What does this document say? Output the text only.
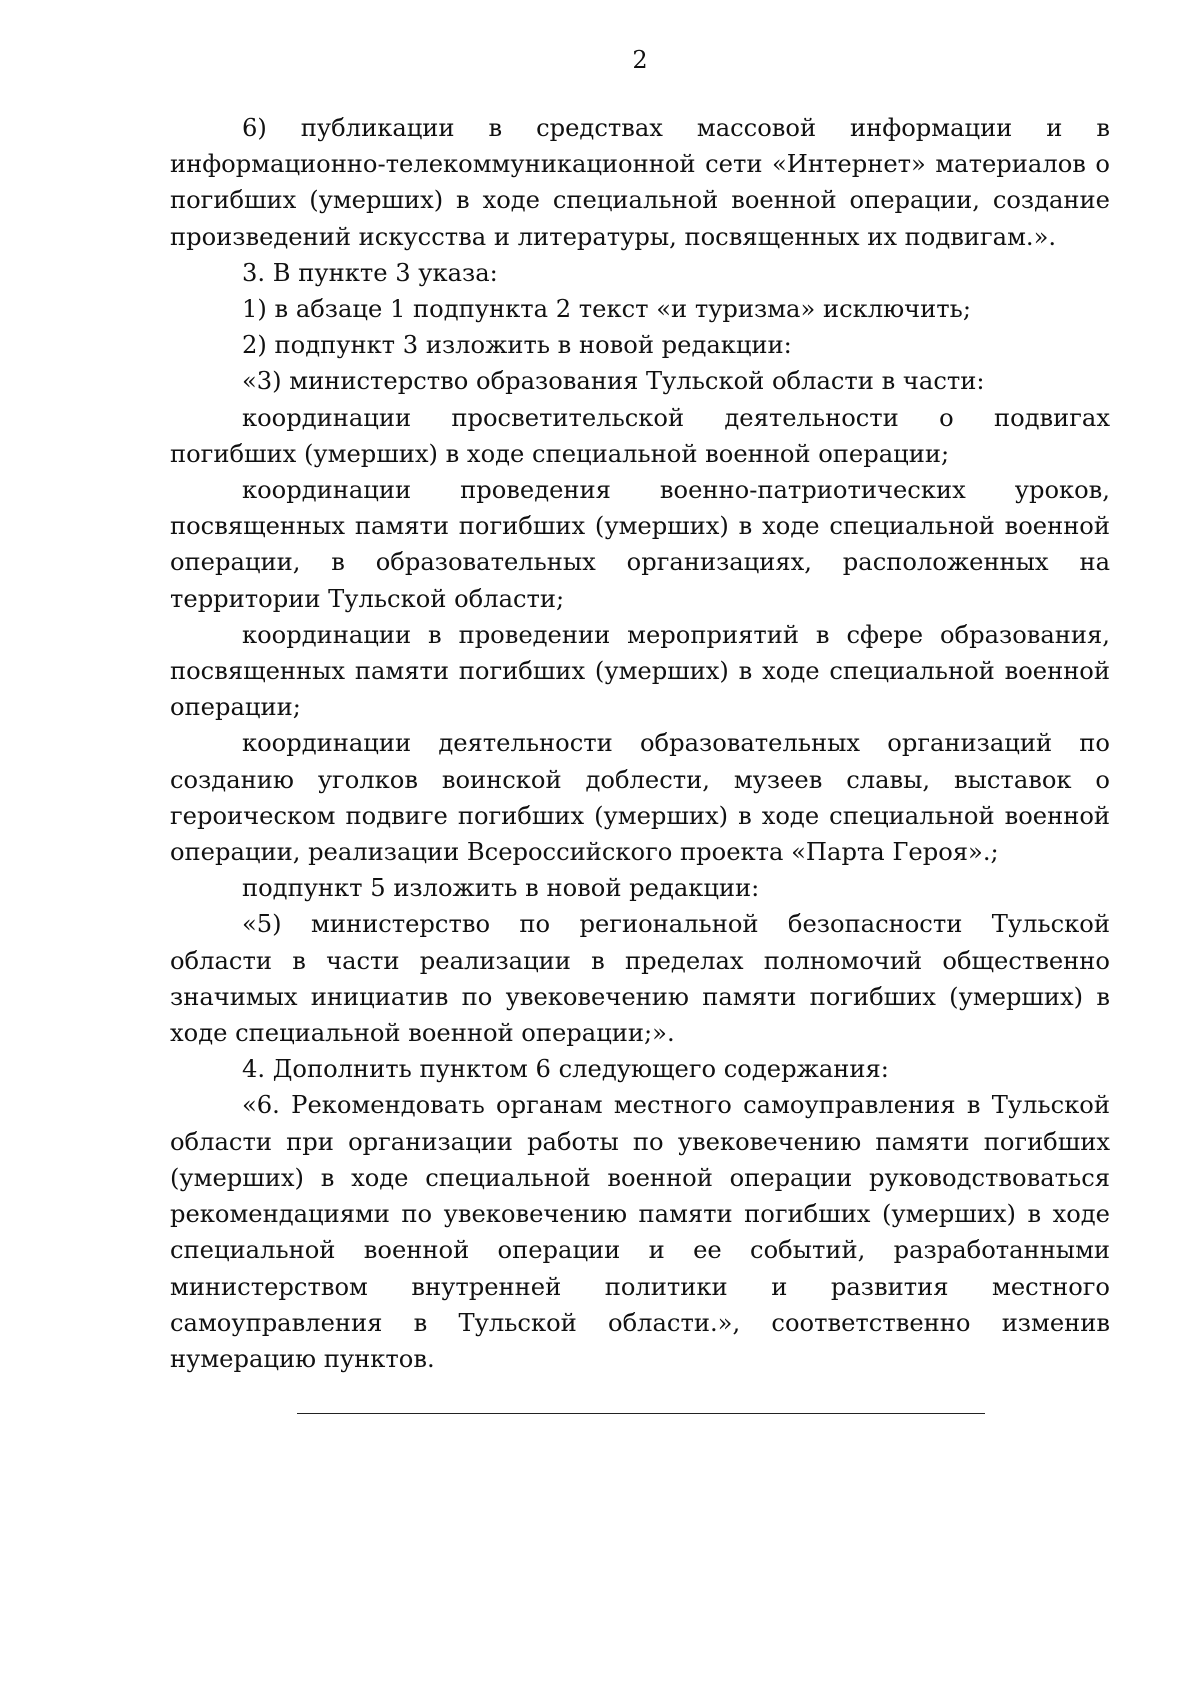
2

6) публикации в средствах массовой информации и в информационно-телекоммуникационной сети «Интернет» материалов о погибших (умерших) в ходе специальной военной операции, создание произведений искусства и литературы, посвященных их подвигам.».

3. В пункте 3 указа:

1) в абзаце 1 подпункта 2 текст «и туризма» исключить;

2) подпункт 3 изложить в новой редакции:

«3) министерство образования Тульской области в части:

координации просветительской деятельности о подвигах погибших (умерших) в ходе специальной военной операции;

координации проведения военно-патриотических уроков, посвященных памяти погибших (умерших) в ходе специальной военной операции, в образовательных организациях, расположенных на территории Тульской области;

координации в проведении мероприятий в сфере образования, посвященных памяти погибших (умерших) в ходе специальной военной операции;

координации деятельности образовательных организаций по созданию уголков воинской доблести, музеев славы, выставок о героическом подвиге погибших (умерших) в ходе специальной военной операции, реализации Всероссийского проекта «Парта Героя».;

подпункт 5 изложить в новой редакции:

«5) министерство по региональной безопасности Тульской области в части реализации в пределах полномочий общественно значимых инициатив по увековечению памяти погибших (умерших) в ходе специальной военной операции;».

4. Дополнить пунктом 6 следующего содержания:

«6. Рекомендовать органам местного самоуправления в Тульской области при организации работы по увековечению памяти погибших (умерших) в ходе специальной военной операции руководствоваться рекомендациями по увековечению памяти погибших (умерших) в ходе специальной военной операции и ее событий, разработанными министерством внутренней политики и развития местного самоуправления в Тульской области.», соответственно изменив нумерацию пунктов.
